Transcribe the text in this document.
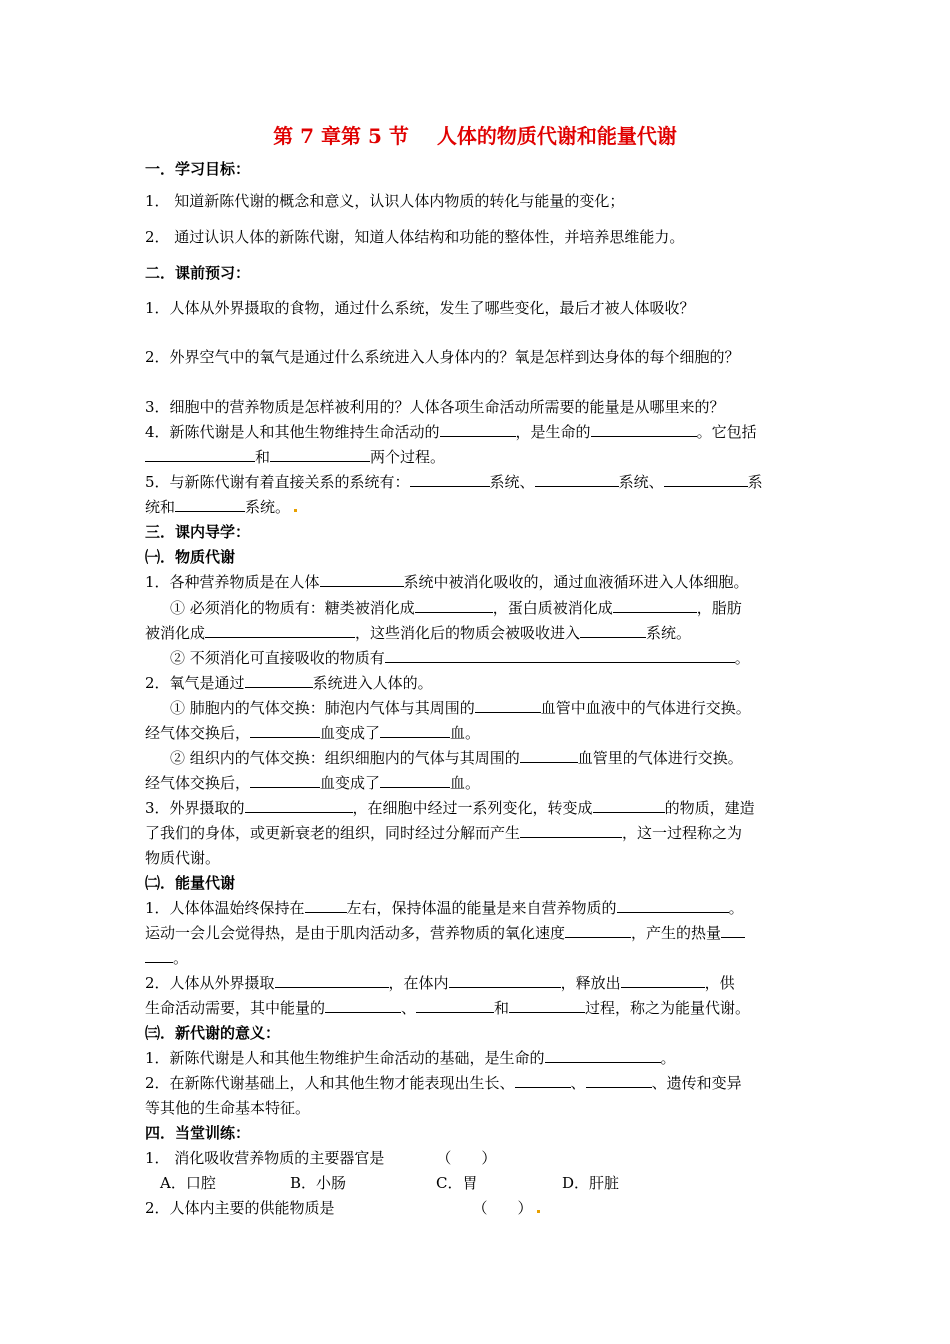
第 7 章第 5 节 人体的物质代谢和能量代谢
一．学习目标：
1． 知道新陈代谢的概念和意义，认识人体内物质的转化与能量的变化；
2． 通过认识人体的新陈代谢，知道人体结构和功能的整体性，并培养思维能力。
二．课前预习：
1．人体从外界摄取的食物，通过什么系统，发生了哪些变化，最后才被人体吸收？
2．外界空气中的氧气是通过什么系统进入人身体内的？氧是怎样到达身体的每个细胞的？
3．细胞中的营养物质是怎样被利用的？人体各项生命活动所需要的能量是从哪里来的？
4．新陈代谢是人和其他生物维持生命活动的	，是生命的	。它包括
和	两个过程。
5．与新陈代谢有着直接关系的系统有：	系统、	系统、	系
统和	系统。
三．课内导学：
㈠．物质代谢
1．各种营养物质是在人体	系统中被消化吸收的，通过血液循环进入人体细胞。
① 必须消化的物质有：糖类被消化成	，蛋白质被消化成	，脂肪
被消化成	，这些消化后的物质会被吸收进入	系统。
② 不须消化可直接吸收的物质有	。
2．氧气是通过	系统进入人体的。
① 肺胞内的气体交换：肺泡内气体与其周围的	血管中血液中的气体进行交换。
经气体交换后，	血变成了	血。
② 组织内的气体交换：组织细胞内的气体与其周围的	血管里的气体进行交换。
经气体交换后，	血变成了	血。
3．外界摄取的	，在细胞中经过一系列变化，转变成	的物质，建造
了我们的身体，或更新衰老的组织，同时经过分解而产生	，这一过程称之为
物质代谢。
㈡．能量代谢
1．人体体温始终保持在	左右，保持体温的能量是来自营养物质的	。
运动一会儿会觉得热，是由于肌肉活动多，营养物质的氧化速度	，产生的热量
。
2．人体从外界摄取	，在体内	，释放出	，供
生命活动需要，其中能量的	、	和	过程，称之为能量代谢。
㈢．新代谢的意义：
1．新陈代谢是人和其他生物维护生命活动的基础，是生命的	。
2．在新陈代谢基础上，人和其他生物才能表现出生长、	、	、遗传和变异
等其他的生命基本特征。
四．当堂训练：
1． 消化吸收营养物质的主要器官是	（　　）
A．口腔	B．小肠	C．胃	D．肝脏
2．人体内主要的供能物质是	（　　）
